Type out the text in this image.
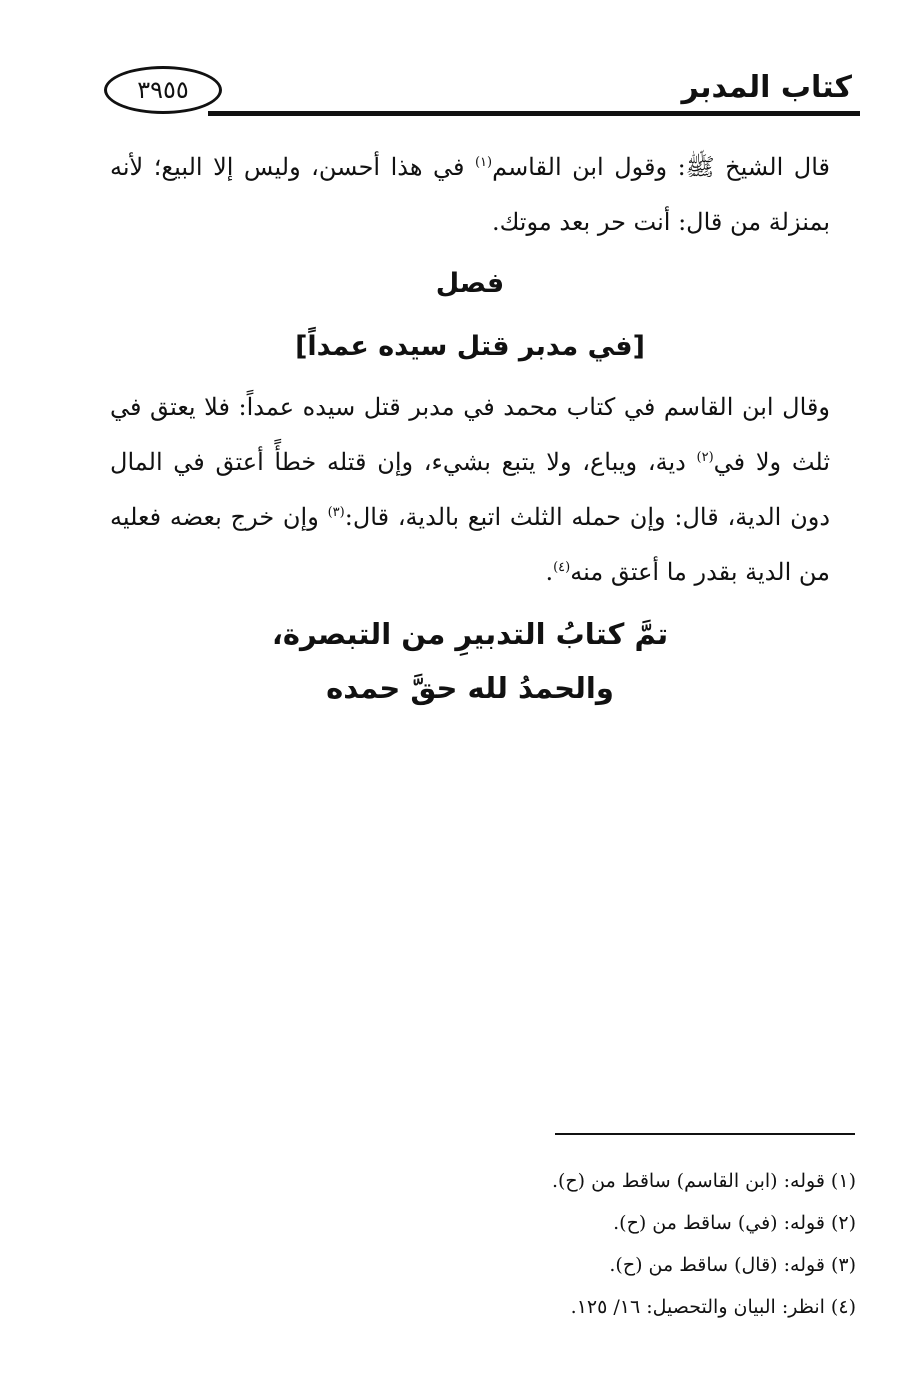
كتاب المدبر
٣٩٥٥
قال الشيخ ﷺ: وقول ابن القاسم$^{(١)}$ في هذا أحسن، وليس إلا البيع؛ لأنه بمنزلة من قال: أنت حر بعد موتك.
فصل
[في مدبر قتل سيده عمداً]
وقال ابن القاسم في كتاب محمد في مدبر قتل سيده عمداً: فلا يعتق في ثلث ولا في$^{(٢)}$ دية، ويباع، ولا يتبع بشيء، وإن قتله خطأً أعتق في المال دون الدية، قال: وإن حمله الثلث اتبع بالدية، قال:$^{(٣)}$ وإن خرج بعضه فعليه من الدية بقدر ما أعتق منه$^{(٤)}$.
تمَّ كتابُ التدبيرِ من التبصرة،
والحمدُ لله حقَّ حمده
(١) قوله: (ابن القاسم) ساقط من (ح).
(٢) قوله: (في) ساقط من (ح).
(٣) قوله: (قال) ساقط من (ح).
(٤) انظر: البيان والتحصيل: ١٦/ ١٢٥.
